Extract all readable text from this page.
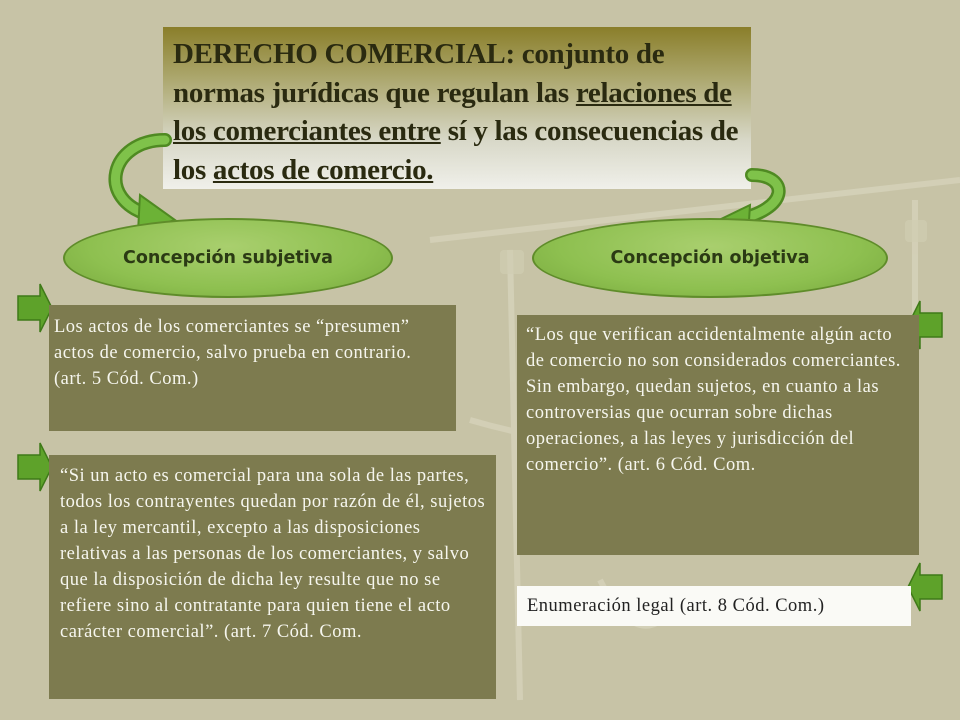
DERECHO COMERCIAL: conjunto de normas jurídicas que regulan las relaciones de los comerciantes entre sí y las consecuencias de los actos de comercio.
Concepción subjetiva	Concepción objetiva
Los actos de los comerciantes se “presumen” actos de comercio, salvo prueba en contrario. (art. 5 Cód. Com.)
“Si un acto es comercial para una sola de las partes, todos los contrayentes quedan por razón de él, sujetos a la ley mercantil, excepto a las disposiciones relativas a las personas de los comerciantes, y salvo que la disposición de dicha ley resulte que no se refiere sino al contratante para quien tiene el acto carácter comercial”. (art. 7 Cód. Com.
“Los que verifican accidentalmente algún acto de comercio no son considerados comerciantes. Sin embargo, quedan sujetos, en cuanto a las controversias que ocurran sobre dichas operaciones, a las leyes y jurisdicción del comercio”. (art. 6 Cód. Com.
Enumeración legal (art. 8 Cód. Com.)
